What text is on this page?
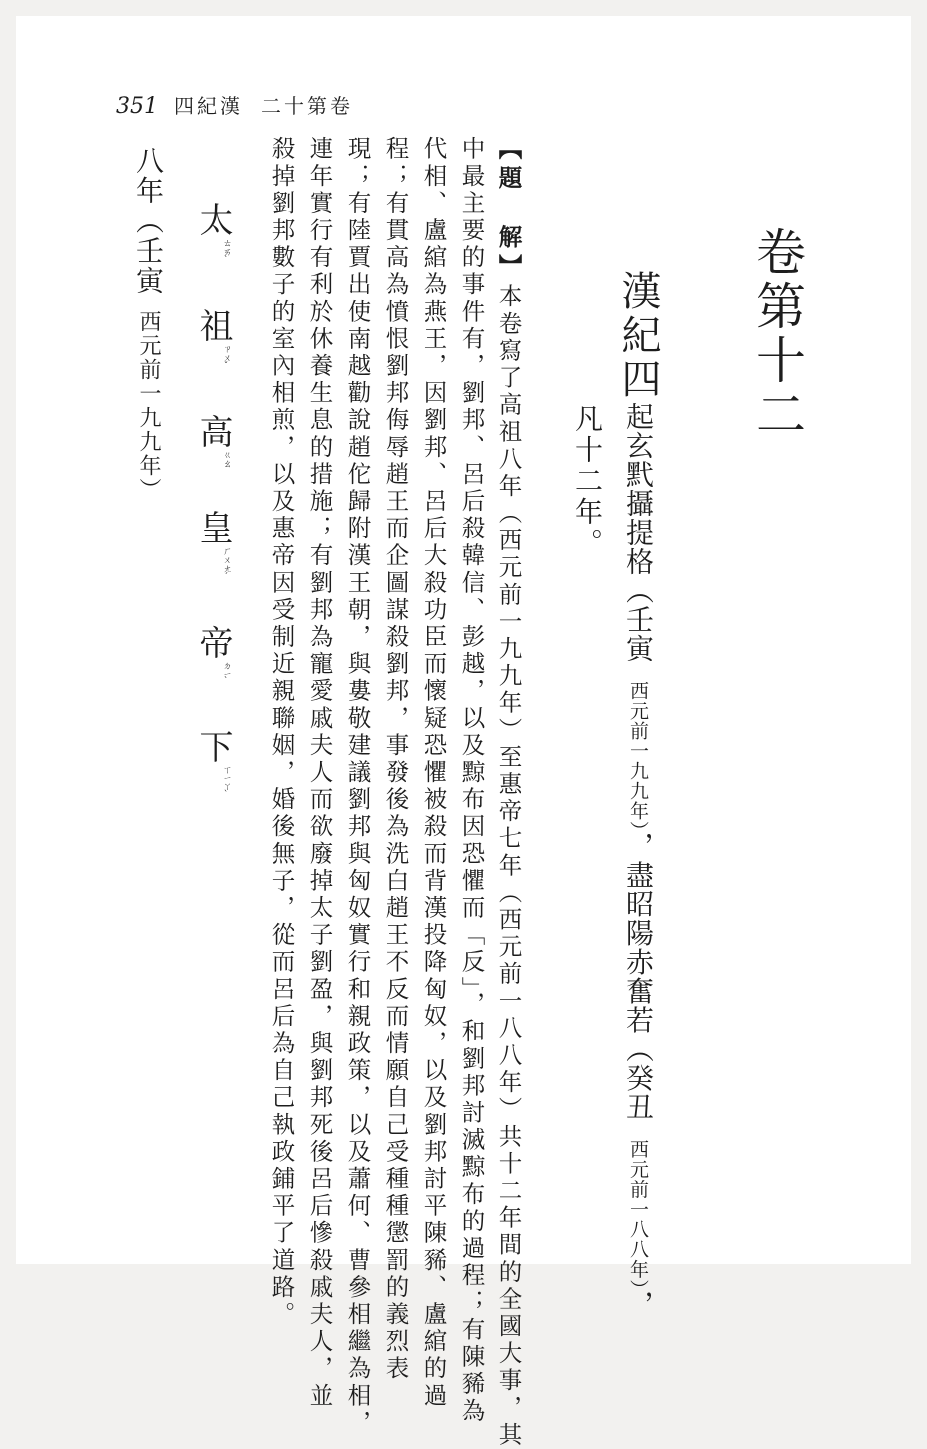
351 四紀漢 二十第卷
卷第十二
漢紀四
起玄黓攝提格（壬寅西元前一九九年），盡昭陽赤奮若（癸丑西元前一八八年），
凡十二年。
【題　解】本卷寫了高祖八年（西元前一九九年）至惠帝七年（西元前一八八年）共十二年間的全國大事，其
中最主要的事件有，劉邦、呂后殺韓信、彭越，以及黥布因恐懼而「反」，和劉邦討滅黥布的過程；有陳豨為
代相、盧綰為燕王，因劉邦、呂后大殺功臣而懷疑恐懼被殺而背漢投降匈奴，以及劉邦討平陳豨、盧綰的過
程；有貫高為憤恨劉邦侮辱趙王而企圖謀殺劉邦，事發後為洗白趙王不反而情願自己受種種懲罰的義烈表
現；有陸賈出使南越勸說趙佗歸附漢王朝，與婁敬建議劉邦與匈奴實行和親政策，以及蕭何、曹參相繼為相，
連年實行有利於休養生息的措施；有劉邦為寵愛戚夫人而欲廢掉太子劉盈，與劉邦死後呂后慘殺戚夫人，並
殺掉劉邦數子的室內相煎，以及惠帝因受制近親聯姻，婚後無子，從而呂后為自己執政鋪平了道路。
太$^{ㄊㄞˋ}$ 祖$^{ㄗㄨˇ}$ 高$^{ㄍㄠ}$ 皇$^{ㄏㄨㄤˊ}$ 帝$^{ㄉㄧˋ}$ 下$^{ㄒㄧㄚˋ}$
八年（壬寅西元前一九九年）
